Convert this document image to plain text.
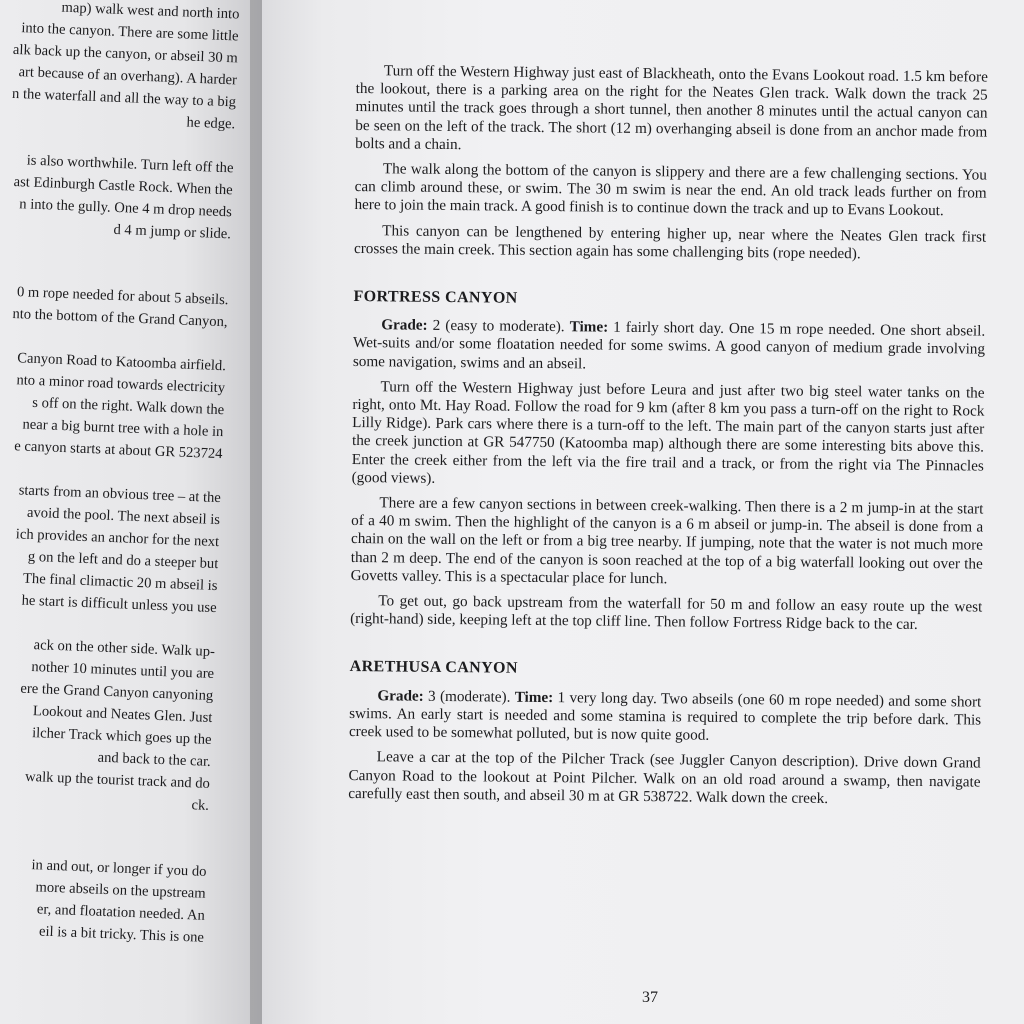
map) walk west and north into
into the canyon. There are some little
alk back up the canyon, or abseil 30 m
art because of an overhang). A harder
n the waterfall and all the way to a big
he edge.

is also worthwhile. Turn left off the
ast Edinburgh Castle Rock. When the
n into the gully. One 4 m drop needs
d 4 m jump or slide.

0 m rope needed for about 5 abseils.
nto the bottom of the Grand Canyon,

Canyon Road to Katoomba airfield.
nto a minor road towards electricity
s off on the right. Walk down the
near a big burnt tree with a hole in
e canyon starts at about GR 523724

starts from an obvious tree – at the
avoid the pool. The next abseil is
ich provides an anchor for the next
g on the left and do a steeper but
The final climactic 20 m abseil is
he start is difficult unless you use

ack on the other side. Walk up-
nother 10 minutes until you are
ere the Grand Canyon canyoning
Lookout and Neates Glen. Just
ilcher Track which goes up the
and back to the car.
walk up the tourist track and do
ck.

in and out, or longer if you do
more abseils on the upstream
er, and floatation needed. An
eil is a bit tricky. This is one

Turn off the Western Highway just east of Blackheath, onto the Evans Lookout road. 1.5 km before the lookout, there is a parking area on the right for the Neates Glen track. Walk down the track 25 minutes until the track goes through a short tunnel, then another 8 minutes until the actual canyon can be seen on the left of the track. The short (12 m) overhanging abseil is done from an anchor made from bolts and a chain.

The walk along the bottom of the canyon is slippery and there are a few challenging sections. You can climb around these, or swim. The 30 m swim is near the end. An old track leads further on from here to join the main track. A good finish is to continue down the track and up to Evans Lookout.

This canyon can be lengthened by entering higher up, near where the Neates Glen track first crosses the main creek. This section again has some challenging bits (rope needed).

FORTRESS CANYON

Grade: 2 (easy to moderate). Time: 1 fairly short day. One 15 m rope needed. One short abseil. Wet-suits and/or some floatation needed for some swims. A good canyon of medium grade involving some navigation, swims and an abseil.

Turn off the Western Highway just before Leura and just after two big steel water tanks on the right, onto Mt. Hay Road. Follow the road for 9 km (after 8 km you pass a turn-off on the right to Rock Lilly Ridge). Park cars where there is a turn-off to the left. The main part of the canyon starts just after the creek junction at GR 547750 (Katoomba map) although there are some interesting bits above this. Enter the creek either from the left via the fire trail and a track, or from the right via The Pinnacles (good views).

There are a few canyon sections in between creek-walking. Then there is a 2 m jump-in at the start of a 40 m swim. Then the highlight of the canyon is a 6 m abseil or jump-in. The abseil is done from a chain on the wall on the left or from a big tree nearby. If jumping, note that the water is not much more than 2 m deep. The end of the canyon is soon reached at the top of a big waterfall looking out over the Govetts valley. This is a spectacular place for lunch.

To get out, go back upstream from the waterfall for 50 m and follow an easy route up the west (right-hand) side, keeping left at the top cliff line. Then follow Fortress Ridge back to the car.

ARETHUSA CANYON

Grade: 3 (moderate). Time: 1 very long day. Two abseils (one 60 m rope needed) and some short swims. An early start is needed and some stamina is required to complete the trip before dark. This creek used to be somewhat polluted, but is now quite good.

Leave a car at the top of the Pilcher Track (see Juggler Canyon description). Drive down Grand Canyon Road to the lookout at Point Pilcher. Walk on an old road around a swamp, then navigate carefully east then south, and abseil 30 m at GR 538722. Walk down the creek.

37
